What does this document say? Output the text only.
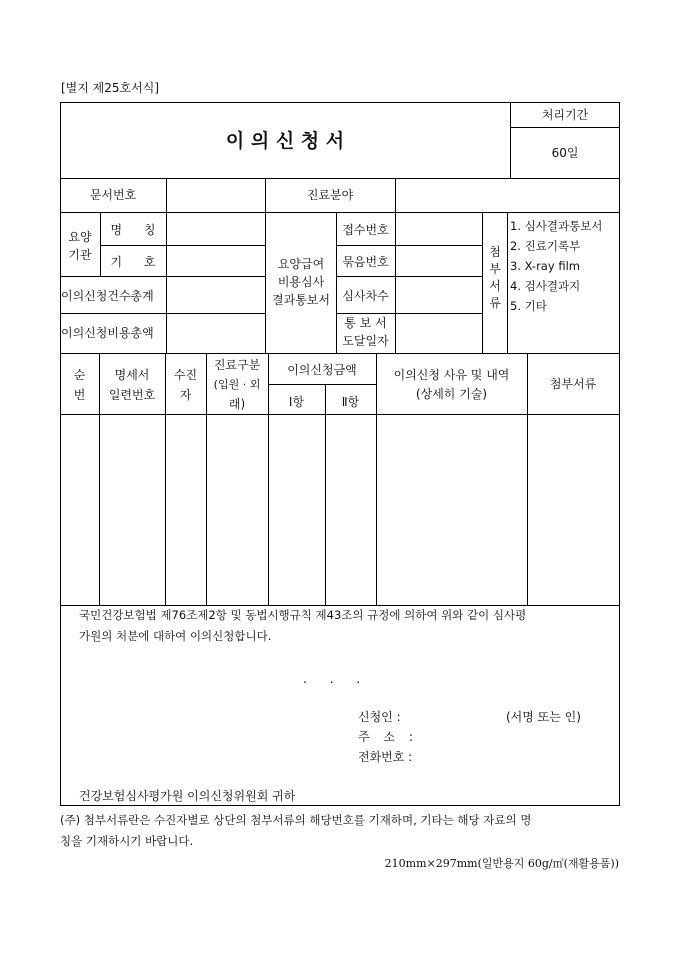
[별지 제25호서식]
이 의 신 청 서
처리기간
60일
문서번호	진료분야
요양
기관
명 칭
기 호
이의신청건수총계
이의신청비용총액
요양급여
비용심사
결과통보서
접수번호
묶음번호
심사차수
통 보 서
도달일자
첨
부
서
류
1. 심사결과통보서
2. 진료기록부
3. X-ray film
4. 검사결과지
5. 기타
순
번
명세서
일련번호
수진
자
진료구분
(입원 · 외
래)
이의신청금액
Ⅰ항	Ⅱ항
이의신청 사유 및 내역
(상세히 기술)
첨부서류
국민건강보험법 제76조제2항 및 동법시행규칙 제43조의 규정에 의하여 위와 같이 심사평
가원의 처분에 대하여 이의신청합니다.
.      .      .
신청인 :
주 소 :
전화번호 :
(서명 또는 인)
건강보험심사평가원 이의신청위원회 귀하
(주) 첨부서류란은 수진자별로 상단의 첨부서류의 해당번호를 기재하며, 기타는 해당 자료의 명
칭을 기재하시기 바랍니다.
210mm×297mm(일반용지 60g/㎡(재활용품))
